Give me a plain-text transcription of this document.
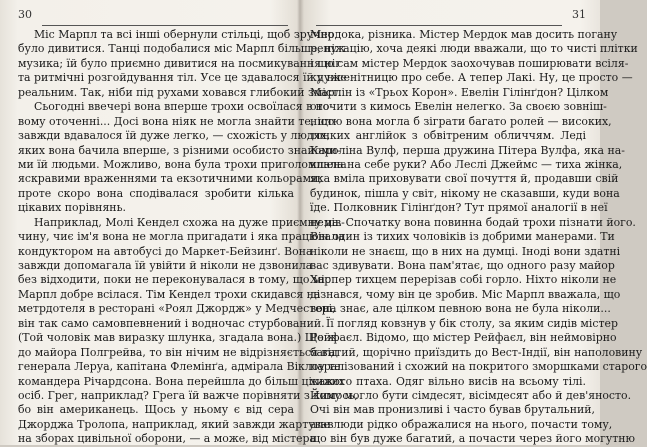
30
Міс Марпл та всі інші обернули стільці, щоб зручно
було дивитися. Танці подобалися міс Марпл більше, ніж
музика; їй було приємно дивитися на посмикування ніг
та ритмічні розгойдування тіл. Усе це здавалося їй дуже
реальним. Так, ніби під рухами ховався глибокий зміст.
Сьогодні ввечері вона вперше трохи освоїлася в но-
вому оточенні... Досі вона ніяк не могла знайти те, що
завжди вдавалося їй дуже легко, — схожість у людях,
яких вона бачила вперше, з різними особисто знайоми-
ми їй людьми. Можливо, вона була трохи приголомшена
яскравими враженнями та екзотичними кольорами;
проте скоро вона сподівалася зробити кілька
цікавих порівнянь.
Наприклад, Молі Кендел схожа на дуже приємну дів-
чину, чиє ім'я вона не могла пригадати і яка працювала
кондуктором на автобусі до Маркет-Бейзинґ. Вона
завжди допомагала їй увійти й ніколи не дзвонила
без відходити, поки не переконувалася в тому, що міс
Марпл добре всілася. Тім Кендел трохи скидався на
метрдотеля в ресторані «Роял Джордж» у Медчестері,
він так само самовпевнений і водночас стурбований.
(Той чоловік мав виразку шлунка, згадала вона.) Що ж
до майора Полгрейва, то він нічим не відрізняється від
генерала Леруа, капітана Флемінґа, адмірала Віклоу та
командера Річардсона. Вона перейшла до більш цікавих
осіб. Грег, наприклад? Грега їй важче порівняти з кимось,
бо він американець. Щось у ньому є від сера
Джорджа Тролопа, наприклад, який завжди жартував
на зборах цивільної оборони, — а може, від містера
31
Мердока, різника. Містер Мердок мав досить погану
репутацію, хоча деякі люди вважали, що то чисті плітки
і що сам містер Мердок заохочував поширювати всіля-
ку нісенітницю про себе. А тепер Лакі. Ну, це просто —
Марлін із «Трьох Корон». Евелін Гілінґдон? Цілком
оточити з кимось Евелін нелегко. За своєю зовніш-
ністю вона могла б зіграти багато ролей — високих,
тонких англійок з обвітреним обличчям. Леді
Кароліна Вулф, перша дружина Пітера Вулфа, яка на-
клала на себе руки? Або Леслі Джеймс — тиха жінка,
яка вміла приховувати свої почуття й, продавши свій
будинок, пішла у світ, нікому не сказавши, куди вона
їде. Полковник Гілінґдон? Тут прямої аналогії в неї
нема. Спочатку вона повинна бодай трохи пізнати його.
Він один із тихих чоловіків із добрими манерами. Ти
ніколи не знаєш, що в них на думці. Іноді вони здатні
вас здивувати. Вона пам'ятає, що одного разу майор
Харпер тихцем перерізав собі горло. Ніхто ніколи не
дізнався, чому він це зробив. Міс Марпл вважала, що
вона знає, але цілком певною вона не була ніколи...
Її погляд ковзнув у бік столу, за яким сидів містер
Рейфаєл. Відомо, що містер Рейфаєл, він неймовірно
багатий, щорічно приїздить до Вест-Індії, він наполовину
паралізований і схожий на покритого зморшками старого
хижого птаха. Одяг вільно висів на всьому тілі.
Йому могло бути сімдесят, вісімдесят або й дев'яносто.
Очі він мав пронизливі і часто бував брутальний,
але люди рідко ображалися на нього, почасти тому,
що він був дуже багатий, а почасти через його могутню
